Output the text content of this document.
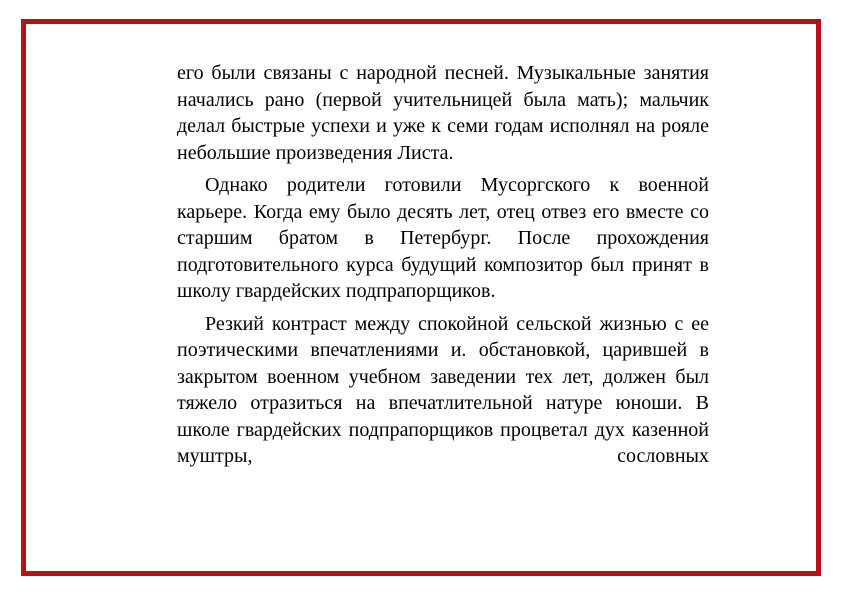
его были связаны с народной песней. Музыкальные занятия начались рано (первой учительницей была мать); мальчик делал быстрые успехи и уже к семи годам исполнял на рояле небольшие произведения Листа.

Однако родители готовили Мусоргского к военной карьере. Когда ему было десять лет, отец отвез его вместе со старшим братом в Петербург. После прохождения подготовительного курса будущий композитор был принят в школу гвардейских подпрапорщиков.

Резкий контраст между спокойной сельской жизнью с ее поэтическими впечатлениями и. обстановкой, царившей в закрытом военном учебном заведении тех лет, должен был тяжело отразиться на впечатлительной натуре юноши. В школе гвардейских подпрапорщиков процветал дух казенной муштры, сословных
